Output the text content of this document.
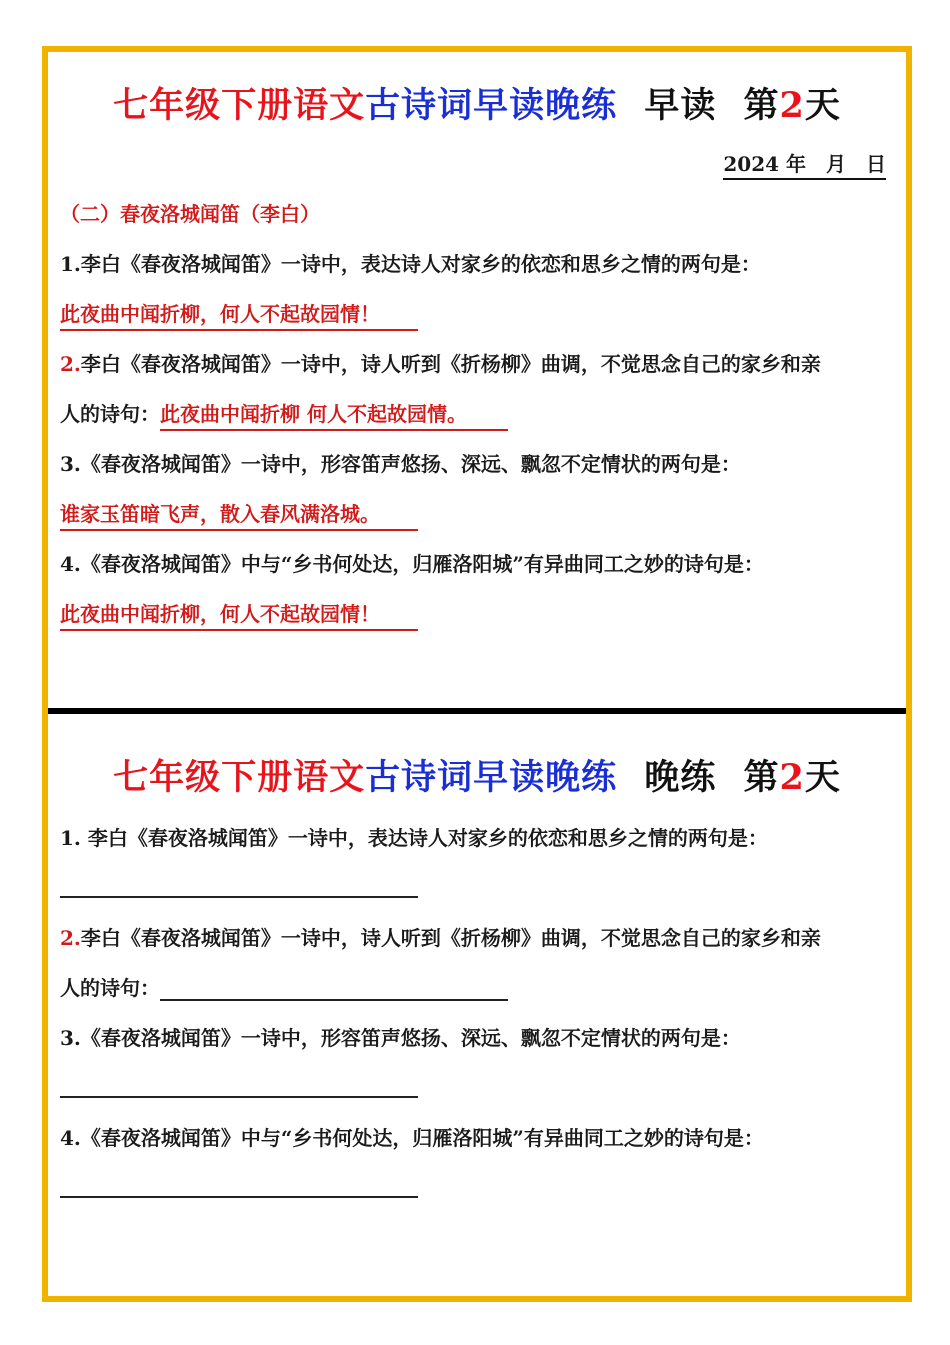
七年级下册语文古诗词早读晚练 早读 第2天
2024 年　月　日
（二）春夜洛城闻笛（李白）
1.李白《春夜洛城闻笛》一诗中，表达诗人对家乡的依恋和思乡之情的两句是：
此夜曲中闻折柳，何人不起故园情！
2.李白《春夜洛城闻笛》一诗中，诗人听到《折杨柳》曲调，不觉思念自己的家乡和亲
人的诗句：此夜曲中闻折柳 何人不起故园情。
3.《春夜洛城闻笛》一诗中，形容笛声悠扬、深远、飘忽不定情状的两句是：
谁家玉笛暗飞声，散入春风满洛城。
4.《春夜洛城闻笛》中与“乡书何处达，归雁洛阳城”有异曲同工之妙的诗句是：
此夜曲中闻折柳，何人不起故园情！
七年级下册语文古诗词早读晚练 晚练 第2天
1. 李白《春夜洛城闻笛》一诗中，表达诗人对家乡的依恋和思乡之情的两句是：
2.李白《春夜洛城闻笛》一诗中，诗人听到《折杨柳》曲调，不觉思念自己的家乡和亲
人的诗句：
3.《春夜洛城闻笛》一诗中，形容笛声悠扬、深远、飘忽不定情状的两句是：
4.《春夜洛城闻笛》中与“乡书何处达，归雁洛阳城”有异曲同工之妙的诗句是：
